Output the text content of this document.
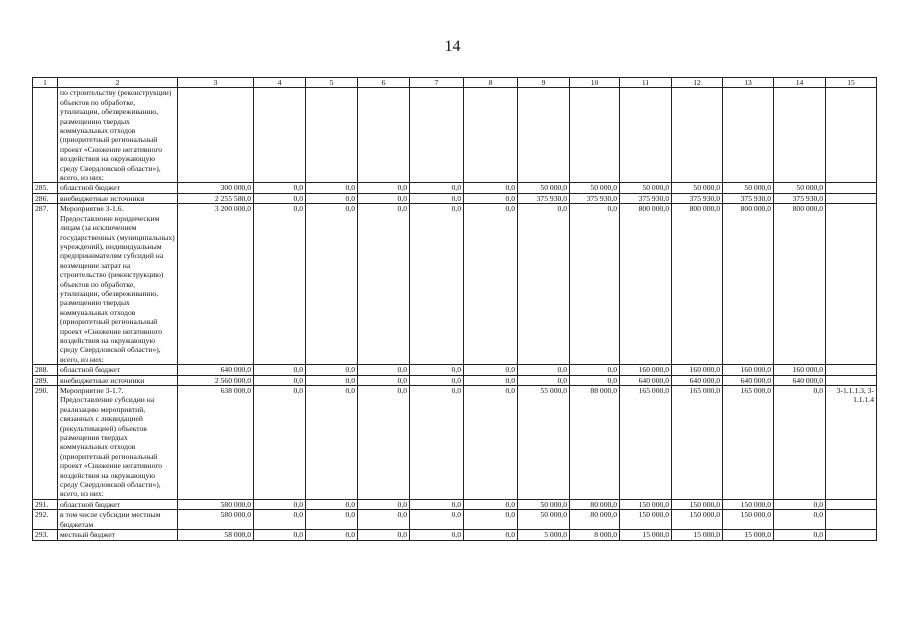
14
1	2	3	4	5	6	7	8	9	10	11	12	13	14	15
	по строительству (реконструкции) объектов по обработке, утилизации, обезвреживанию, размещению твердых коммунальных отходов (приоритетный региональный проект «Снижение негативного воздействия на окружающую среду Свердловской области»), всего, из них:													
285.	областной бюджет	300 000,0	0,0	0,0	0,0	0,0	0,0	50 000,0	50 000,0	50 000,0	50 000,0	50 000,0	50 000,0	
286.	внебюджетные источники	2 255 580,0	0,0	0,0	0,0	0,0	0,0	375 930,0	375 930,0	375 930,0	375 930,0	375 930,0	375 930,0	
287.	Мероприятие 3-1.6. Предоставление юридическим лицам (за исключением государственных (муниципальных) учреждений), индивидуальным предпринимателям субсидий на возмещение затрат на строительство (реконструкцию) объектов по обработке, утилизации, обезвреживанию, размещению твердых коммунальных отходов (приоритетный региональный проект «Снижение негативного воздействия на окружающую среду Свердловской области»), всего, из них:	3 200 000,0	0,0	0,0	0,0	0,0	0,0	0,0	0,0	800 000,0	800 000,0	800 000,0	800 000,0	
288.	областной бюджет	640 000,0	0,0	0,0	0,0	0,0	0,0	0,0	0,0	160 000,0	160 000,0	160 000,0	160 000,0	
289.	внебюджетные источники	2 560 000,0	0,0	0,0	0,0	0,0	0,0	0,0	0,0	640 000,0	640 000,0	640 000,0	640 000,0	
290.	Мероприятие 3-1.7. Предоставление субсидии на реализацию мероприятий, связанных с ликвидацией (рекультивацией) объектов размещения твердых коммунальных отходов (приоритетный региональный проект «Снижение негативного воздействия на окружающую среду Свердловской области»), всего, из них:	638 000,0	0,0	0,0	0,0	0,0	0,0	55 000,0	88 000,0	165 000,0	165 000,0	165 000,0	0,0	3-1.1.1.3, 3-1.1.1.4
291.	областной бюджет	580 000,0	0,0	0,0	0,0	0,0	0,0	50 000,0	80 000,0	150 000,0	150 000,0	150 000,0	0,0	
292.	в том числе субсидии местным бюджетам	580 000,0	0,0	0,0	0,0	0,0	0,0	50 000,0	80 000,0	150 000,0	150 000,0	150 000,0	0,0	
293.	местный бюджет	58 000,0	0,0	0,0	0,0	0,0	0,0	5 000,0	8 000,0	15 000,0	15 000,0	15 000,0	0,0	
